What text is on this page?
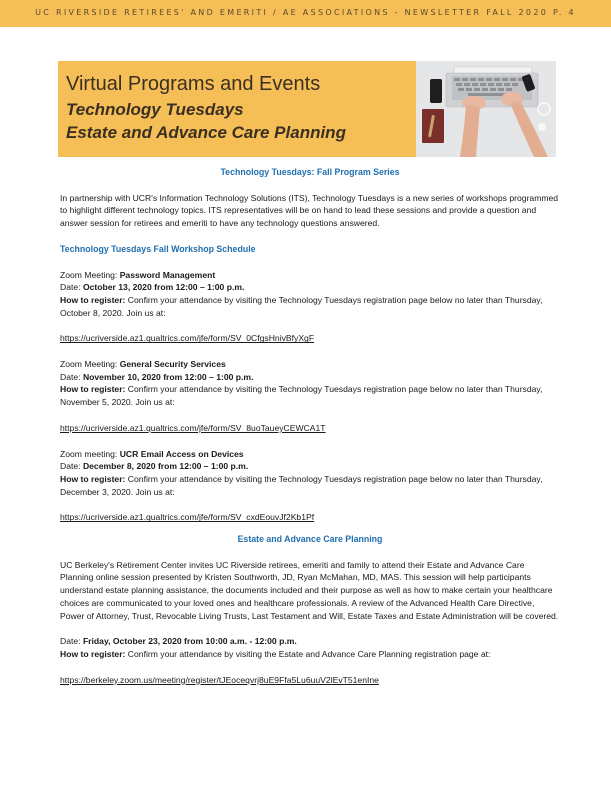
UC RIVERSIDE RETIREES' AND EMERITI / AE ASSOCIATIONS - NEWSLETTER FALL 2020 P. 4
Virtual Programs and Events
Technology Tuesdays
Estate and Advance Care Planning

Technology Tuesdays: Fall Program Series

In partnership with UCR's Information Technology Solutions (ITS), Technology Tuesdays is a new series of workshops programmed to highlight different technology topics. ITS representatives will be on hand to lead these sessions and provide a question and answer session for retirees and emeriti to have any technology questions answered.

Technology Tuesdays Fall Workshop Schedule

Zoom Meeting: Password Management

Date: October 13, 2020 from 12:00 – 1:00 p.m.

How to register: Confirm your attendance by visiting the Technology Tuesdays registration page below no later than Thursday, October 8, 2020. Join us at:

https://ucriverside.az1.qualtrics.com/jfe/form/SV_0CfgsHnivBfyXgF

Zoom Meeting: General Security Services

Date: November 10, 2020 from 12:00 – 1:00 p.m.

How to register: Confirm your attendance by visiting the Technology Tuesdays registration page below no later than Thursday, November 5, 2020. Join us at:

https://ucriverside.az1.qualtrics.com/jfe/form/SV_8uoTaueyCEWCA1T

Zoom meeting: UCR Email Access on Devices

Date: December 8, 2020 from 12:00 – 1:00 p.m.

How to register: Confirm your attendance by visiting the Technology Tuesdays registration page below no later than Thursday, December 3, 2020. Join us at:

https://ucriverside.az1.qualtrics.com/jfe/form/SV_cxdEouvJf2Kb1Pf

Estate and Advance Care Planning

UC Berkeley's Retirement Center invites UC Riverside retirees, emeriti and family to attend their Estate and Advance Care Planning online session presented by Kristen Southworth, JD, Ryan McMahan, MD, MAS. This session will help participants understand estate planning assistance, the documents included and their purpose as well as how to make certain your healthcare choices are communicated to your loved ones and healthcare professionals. A review of the Advanced Health Care Directive, Power of Attorney, Trust, Revocable Living Trusts, Last Testament and Will, Estate Taxes and Estate Administration will be covered.

Date: Friday, October 23, 2020 from 10:00 a.m. - 12:00 p.m.

How to register: Confirm your attendance by visiting the Estate and Advance Care Planning registration page at:

https://berkeley.zoom.us/meeting/register/tJEoceqvrj8uE9Ffa5Lu6uuV2lEvT51enIne
